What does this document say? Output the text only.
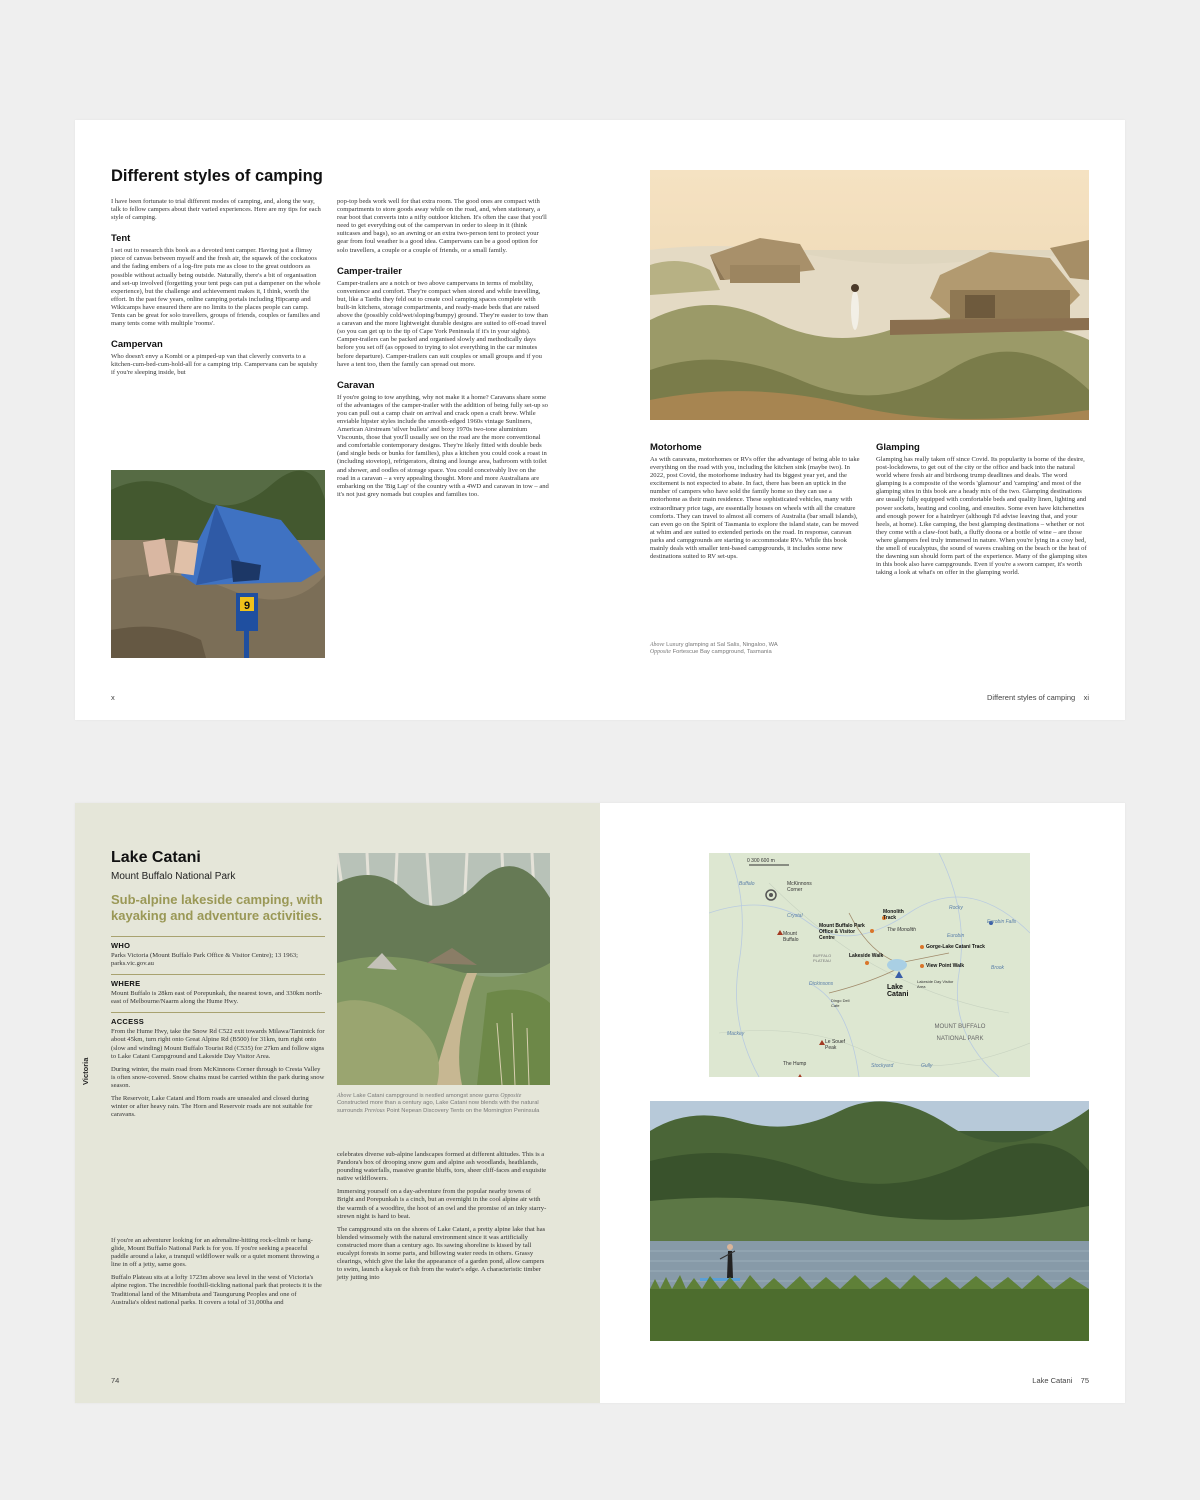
Different styles of camping

I have been fortunate to trial different modes of camping, and, along the way, talk to fellow campers about their varied experiences. Here are my tips for each style of camping.

Tent

I set out to research this book as a devoted tent camper. Having just a flimsy piece of canvas between myself and the fresh air, the squawk of the cockatoos and the fading embers of a log-fire puts me as close to the great outdoors as possible without actually being outside. Naturally, there's a bit of organisation and set-up involved (forgetting your tent pegs can put a dampener on the whole experience), but the challenge and achievement makes it, I think, worth the effort. In the past few years, online camping portals including Hipcamp and Wikicamps have ensured there are no limits to the places people can camp. Tents can be great for solo travellers, groups of friends, couples or families and many tents come with multiple 'rooms'.

Campervan

Who doesn't envy a Kombi or a pimped-up van that cleverly converts to a kitchen-cum-bed-cum-hold-all for a camping trip. Campervans can be squishy if you're sleeping inside, but

9

pop-top beds work well for that extra room. The good ones are compact with compartments to store goods away while on the road, and, when stationary, a rear boot that converts into a nifty outdoor kitchen. It's often the case that you'll need to get everything out of the campervan in order to sleep in it (think suitcases and bags), so an awning or an extra two-person tent to protect your gear from foul weather is a good idea. Campervans can be a good option for solo travellers, a couple or a couple of friends, or a small family.

Camper-trailer

Camper-trailers are a notch or two above campervans in terms of mobility, convenience and comfort. They're compact when stored and while travelling, but, like a Tardis they feld out to create cool camping spaces complete with built-in kitchens, storage compartments, and ready-made beds that are raised above the (possibly cold/wet/sloping/bumpy) ground. They're easier to tow than a caravan and the more lightweight durable designs are suited to off-road travel (so you can get up to the tip of Cape York Peninsula if it's in your sights). Camper-trailers can be packed and organised slowly and methodically days before you set off (as opposed to trying to slot everything in the car minutes before departure). Camper-trailers can suit couples or small groups and if you have a tent too, then the family can spread out more.

Caravan

If you're going to tow anything, why not make it a home? Caravans share some of the advantages of the camper-trailer with the addition of being fully set-up so you can pull out a camp chair on arrival and crack open a craft brew. While enviable hipster styles include the smooth-edged 1960s vintage Sunliners, American Airstream 'silver bullets' and boxy 1970s two-tone aluminium Viscounts, those that you'll usually see on the road are the more conventional and comfortable contemporary designs. They're likely fitted with double beds (and single beds or bunks for families), plus a kitchen you could cook a roast in (including stovetop), refrigerators, dining and lounge area, bathroom with toilet and shower, and oodles of storage space. You could conceivably live on the road in a caravan – a very appealing thought. More and more Australians are embarking on the 'Big Lap' of the country with a 4WD and caravan in tow – and it's not just grey nomads but couples and families too.

x
Motorhome

As with caravans, motorhomes or RVs offer the advantage of being able to take everything on the road with you, including the kitchen sink (maybe two). In 2022, post Covid, the motorhome industry had its biggest year yet, and the excitement is not expected to abate. In fact, there has been an uptick in the number of campers who have sold the family home so they can use a motorhome as their main residence. These sophisticated vehicles, many with extraordinary price tags, are essentially houses on wheels with all the creature comforts. They can travel to almost all corners of Australia (bar small islands), can even go on the Spirit of Tasmania to explore the island state, can be moved at whim and are suited to extended periods on the road. In response, caravan parks and campgrounds are starting to accommodate RVs. While this book mainly deals with smaller tent-based campgrounds, it includes some new destinations suited to RV set-ups.

Above Luxury glamping at Sal Salis, Ningaloo, WA
Opposite Fortescue Bay campground, Tasmania
Glamping

Glamping has really taken off since Covid. Its popularity is borne of the desire, post-lockdowns, to get out of the city or the office and back into the natural world where fresh air and birdsong trump deadlines and deals. The word glamping is a composite of the words 'glamour' and 'camping' and most of the glamping sites in this book are a heady mix of the two. Glamping destinations are usually fully equipped with comfortable beds and quality linen, lighting and power sockets, heating and cooling, and ensuites. Some even have kitchenettes and enough power for a hairdryer (although I'd advise leaving that, and your heels, at home). Like camping, the best glamping destinations – whether or not they come with a claw-foot bath, a fluffy doona or a bottle of wine – are those where glampers feel truly immersed in nature. When you're lying in a cosy bed, the smell of eucalyptus, the sound of waves crashing on the beach or the heat of the dawning sun should form part of the experience. Many of the glamping sites in this book also have campgrounds. Even if you're a sworn camper, it's worth taking a look at what's on offer in the glamping world.

Different styles of camping xi
Victoria
Lake Catani
Mount Buffalo National Park
Sub-alpine lakeside camping, with kayaking and adventure activities.
WHO

Parks Victoria (Mount Buffalo Park Office & Visitor Centre); 13 1963; parks.vic.gov.au

WHERE

Mount Buffalo is 28km east of Porepunkah, the nearest town, and 330km north-east of Melbourne/Naarm along the Hume Hwy.

ACCESS

From the Hume Hwy, take the Snow Rd C522 exit towards Milawa/Taminick for about 45km, turn right onto Great Alpine Rd (B500) for 31km, turn right onto (slow and winding) Mount Buffalo Tourist Rd (C535) for 27km and follow signs to Lake Catani Campground and Lakeside Day Visitor Area.

During winter, the main road from McKinnons Corner through to Cresta Valley is often snow-covered. Snow chains must be carried within the park during snow season.

The Reservoir, Lake Catani and Horn roads are unsealed and closed during winter or after heavy rain. The Horn and Reservoir roads are not suitable for caravans.

If you're an adventurer looking for an adrenaline-hitting rock-climb or hang-glide, Mount Buffalo National Park is for you. If you're seeking a peaceful paddle around a lake, a tranquil wildflower walk or a quiet moment throwing a line in off a jetty, same goes.

Buffalo Plateau sits at a lofty 1723m above sea level in the west of Victoria's alpine region. The incredible foothill-tickling national park that protects it is the Traditional land of the Mitambuta and Taungurung Peoples and one of Australia's oldest national parks. It covers a total of 31,000ha and

Above Lake Catani campground is nestled amongst snow gums Opposite Constructed more than a century ago, Lake Catani now blends with the natural surrounds Previous Point Nepean Discovery Tents on the Mornington Peninsula

celebrates diverse sub-alpine landscapes formed at different altitudes. This is a Pandora's box of drooping snow gum and alpine ash woodlands, heathlands, pounding waterfalls, massive granite bluffs, tors, sheer cliff-faces and exquisite native wildflowers.

Immersing yourself on a day-adventure from the popular nearby towns of Bright and Porepunkah is a cinch, but an overnight in the cool alpine air with the warmth of a woodfire, the hoot of an owl and the promise of an inky starry-strewn night is hard to beat.

The campground sits on the shores of Lake Catani, a pretty alpine lake that has blended winsomely with the natural environment since it was artificially constructed more than a century ago. Its sawing shoreline is kissed by tall eucalypt forests in some parts, and billowing water reeds in others. Grassy clearings, which give the lake the appearance of a garden pond, allow campers to swim, launch a kayak or fish from the water's edge. A characteristic timber jetty jutting into

74
0 300 600 m
Buffalo	McKinnons Corner
Crystal
Mount Buffalo
Mount Buffalo Park Office & Visitor Centre
Monolith Track
The Monolith
Gorge-Lake Catani Track
View Point Walk
Lakeside Walk
Lake Catani
Lakeside Day Visitor Area
BUFFALO PLATEAU
Dingo Dell Cafe
Le Souef Peak
The Hump
Eurobin Falls
Eurobin
MOUNT BUFFALO NATIONAL PARK
Rocky
Mackey
Stockyard	Gully
Dickinsons
Brook
Lake Catani 75
